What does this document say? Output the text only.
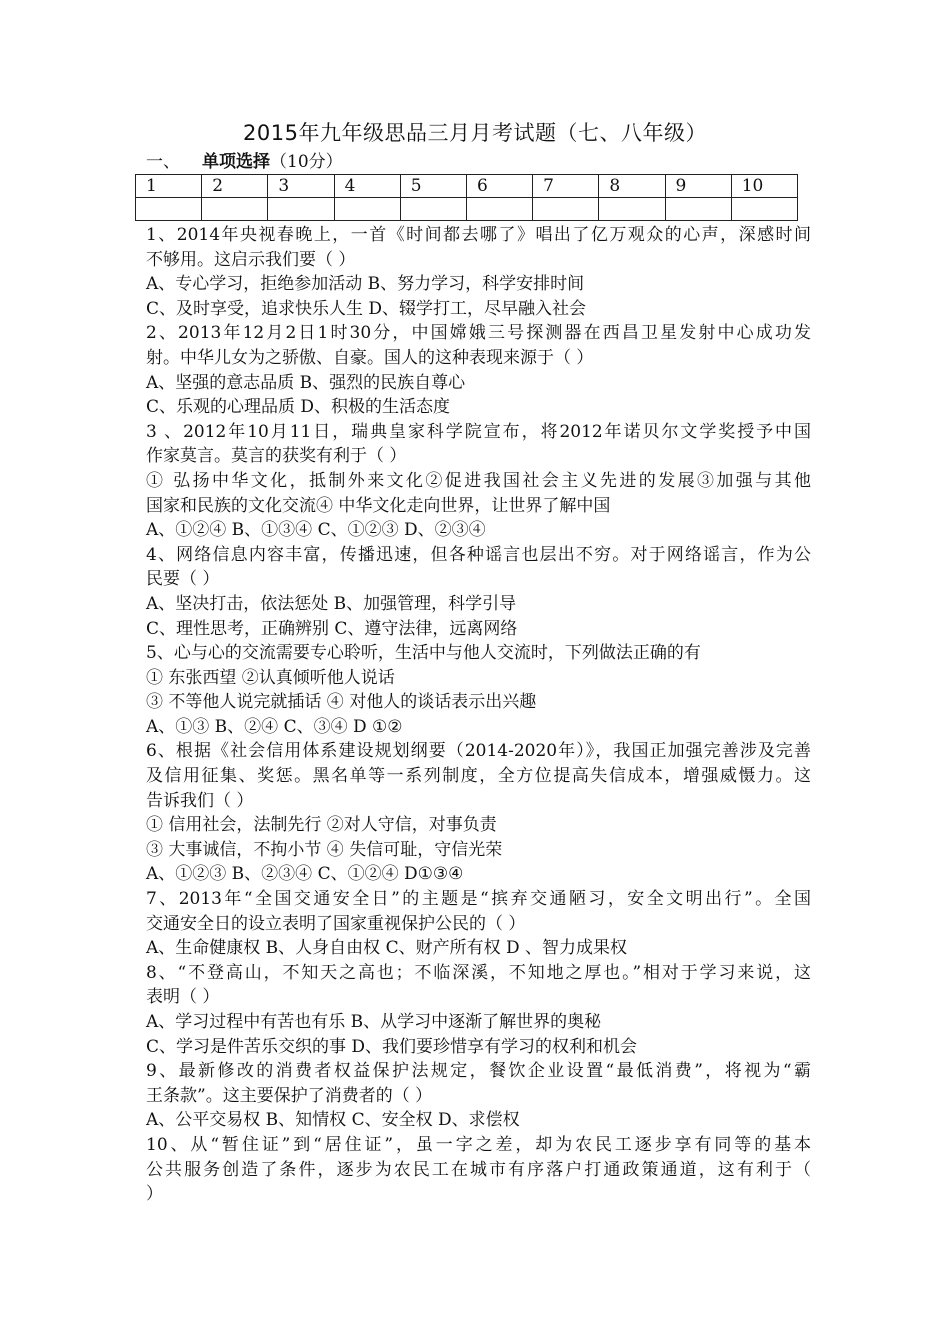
2015年九年级思品三月月考试题（七、八年级）
一、 单项选择（10分）
1	2	3	4	5	6	7	8	9	10

1、2014年央视春晚上，一首《时间都去哪了》唱出了亿万观众的心声，深感时间
不够用。这启示我们要（ ）
A、专心学习，拒绝参加活动 B、努力学习，科学安排时间
C、及时享受，追求快乐人生 D、辍学打工，尽早融入社会
2、2013年12月2日1时30分，中国嫦娥三号探测器在西昌卫星发射中心成功发
射。中华儿女为之骄傲、自豪。国人的这种表现来源于（ ）
A、坚强的意志品质 B、强烈的民族自尊心
C、乐观的心理品质 D、积极的生活态度
3 、2012年10月11日，瑞典皇家科学院宣布，将2012年诺贝尔文学奖授予中国
作家莫言。莫言的获奖有利于（ ）
① 弘扬中华文化，抵制外来文化②促进我国社会主义先进的发展③加强与其他
国家和民族的文化交流④ 中华文化走向世界，让世界了解中国
A、①②④ B、①③④ C、①②③ D、②③④
4、网络信息内容丰富，传播迅速，但各种谣言也层出不穷。对于网络谣言，作为公
民要（ ）
A、坚决打击，依法惩处 B、加强管理，科学引导
C、理性思考，正确辨别 C、遵守法律，远离网络
5、心与心的交流需要专心聆听，生活中与他人交流时，下列做法正确的有
① 东张西望 ②认真倾听他人说话
③ 不等他人说完就插话 ④ 对他人的谈话表示出兴趣
A、①③ B、②④ C、③④ D ①②
6、根据《社会信用体系建设规划纲要（2014-2020年）》，我国正加强完善涉及完善
及信用征集、奖惩。黑名单等一系列制度，全方位提高失信成本，增强威慑力。这
告诉我们（ ）
① 信用社会，法制先行 ②对人守信，对事负责
③ 大事诚信，不拘小节 ④ 失信可耻，守信光荣
A、①②③ B、②③④ C、①②④ D①③④
7、2013年“全国交通安全日”的主题是“摈弃交通陋习，安全文明出行”。全国
交通安全日的设立表明了国家重视保护公民的（ ）
A、生命健康权 B、人身自由权 C、财产所有权 D 、智力成果权
8、“不登高山，不知天之高也；不临深溪，不知地之厚也。”相对于学习来说，这
表明（ ）
A、学习过程中有苦也有乐 B、从学习中逐渐了解世界的奥秘
C、学习是件苦乐交织的事 D、我们要珍惜享有学习的权利和机会
9、最新修改的消费者权益保护法规定，餐饮企业设置“最低消费”，将视为“霸
王条款”。这主要保护了消费者的（ ）
A、公平交易权 B、知情权 C、安全权 D、求偿权
10、从“暂住证”到“居住证”，虽一字之差，却为农民工逐步享有同等的基本
公共服务创造了条件，逐步为农民工在城市有序落户打通政策通道，这有利于（
）
